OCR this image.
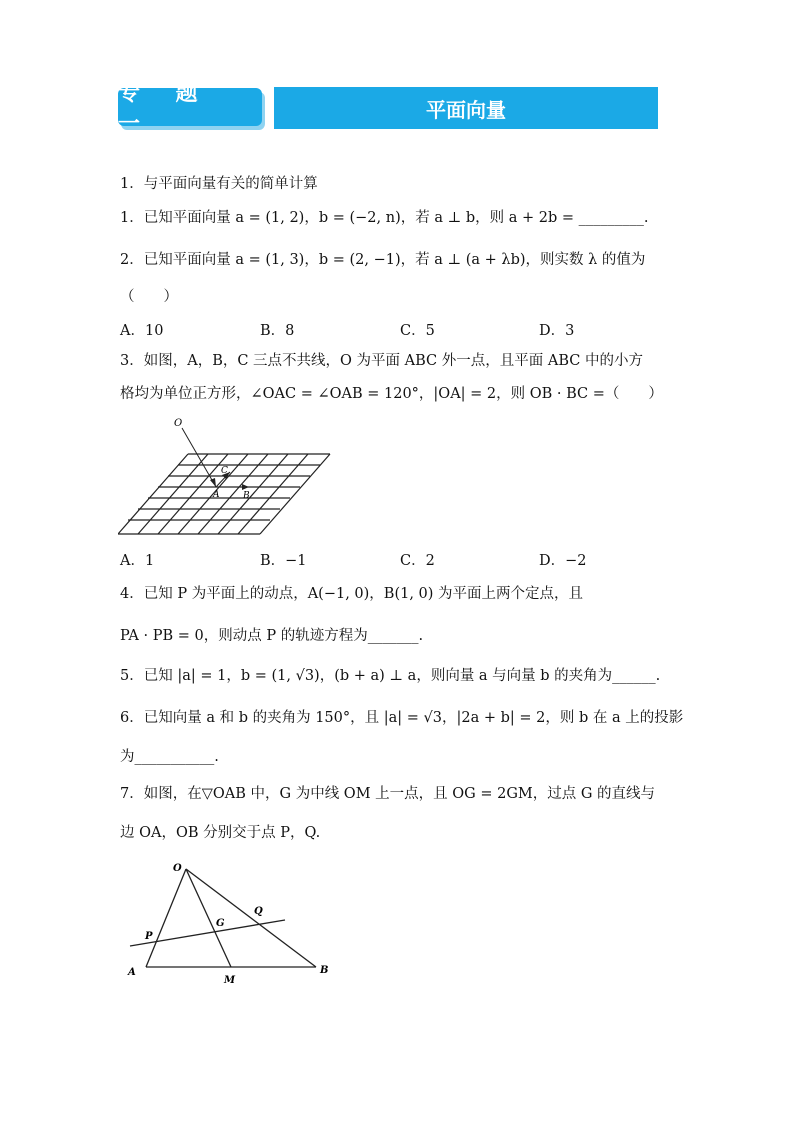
专 题 一
平面向量
1．与平面向量有关的简单计算
1．已知平面向量 a = (1, 2)，b = (−2, n)，若 a ⊥ b，则 a + 2b = _________.
2．已知平面向量 a = (1, 3)，b = (2, −1)，若 a ⊥ (a + λb)，则实数 λ 的值为
（　　）
A．10	B．8	C．5	D．3
3．如图，A，B，C 三点不共线，O 为平面 ABC 外一点，且平面 ABC 中的小方
格均为单位正方形，∠OAC = ∠OAB = 120°，|OA| = 2，则 OB · BC =（　　）
O
C
A	B
A．1	B．−1	C．2	D．−2
4．已知 P 为平面上的动点，A(−1, 0)，B(1, 0) 为平面上两个定点，且
PA · PB = 0，则动点 P 的轨迹方程为_______.
5．已知 |a| = 1，b = (1, √3)，(b + a) ⊥ a，则向量 a 与向量 b 的夹角为______.
6．已知向量 a 和 b 的夹角为 150°，且 |a| = √3，|2a + b| = 2，则 b 在 a 上的投影
为___________.
7．如图，在▽OAB 中，G 为中线 OM 上一点，且 OG = 2GM，过点 G 的直线与
边 OA，OB 分别交于点 P，Q.
O
P
G
Q
A
M
B
